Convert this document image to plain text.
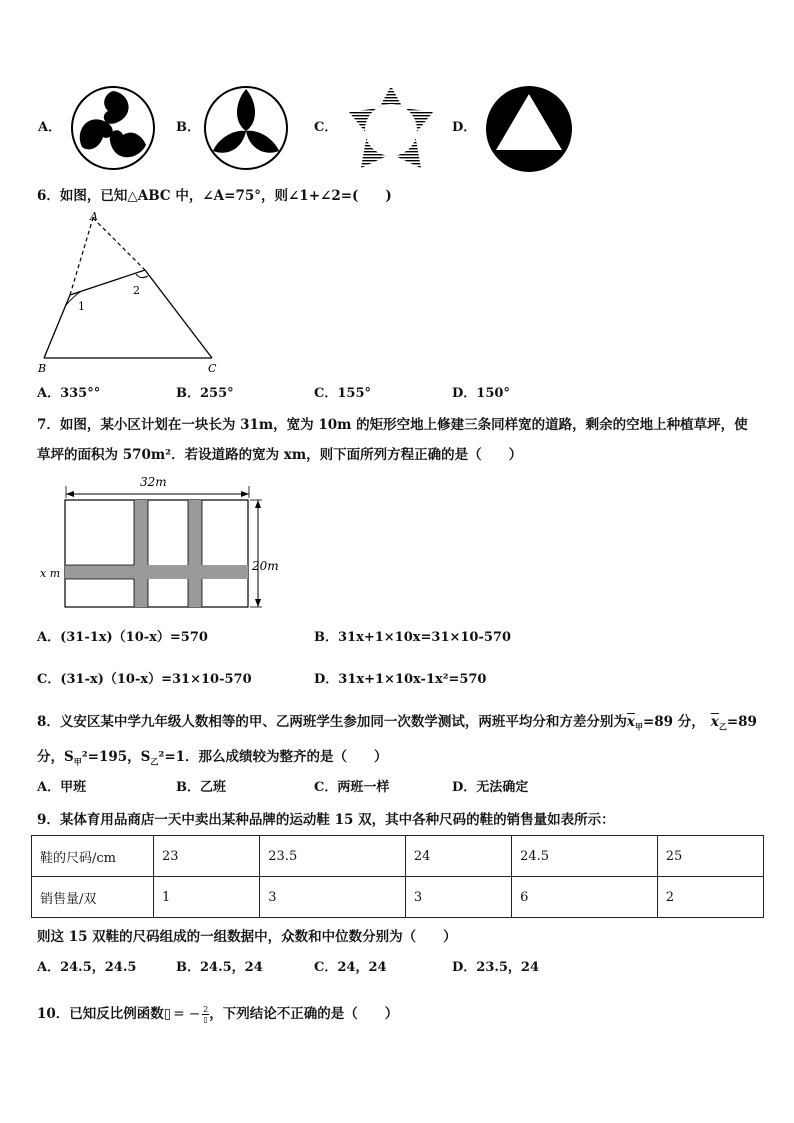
A．	B．	C．	D．
6．如图，已知△ABC 中，∠A=75°，则∠1+∠2=(　　)
A
B	C
1
2
A．335°°	B．255°	C．155°	D．150°
7．如图，某小区计划在一块长为 31m，宽为 10m 的矩形空地上修建三条同样宽的道路，剩余的空地上种植草坪，使
草坪的面积为 570m²．若设道路的宽为 xm，则下面所列方程正确的是（　　）
32m
20m
x m
A．(31-1x)（10-x）=570	B．31x+1×10x=31×10-570
C．(31-x)（10-x）=31×10-570	D．31x+1×10x-1x²=570
8．义安区某中学九年级人数相等的甲、乙两班学生参加同一次数学测试，两班平均分和方差分别为$\overline{x}_甲=89$ 分， $\overline{x}_乙=89$
分，$S_甲^2=195$，$S_乙^2=1$．那么成绩较为整齐的是（　　）
A．甲班	B．乙班	C．两班一样	D．无法确定
9．某体育用品商店一天中卖出某种品牌的运动鞋 15 双，其中各种尺码的鞋的销售量如表所示：
鞋的尺码/cm	23	23.5	24	24.5	25
销售量/双	1	3	3	6	2
则这 15 双鞋的尺码组成的一组数据中，众数和中位数分别为（　　）
A．24.5，24.5	B．24.5，24	C．24，24	D．23.5，24
10．已知反比例函数▯ = − 2
▯ ，下列结论不正确的是（　　）
